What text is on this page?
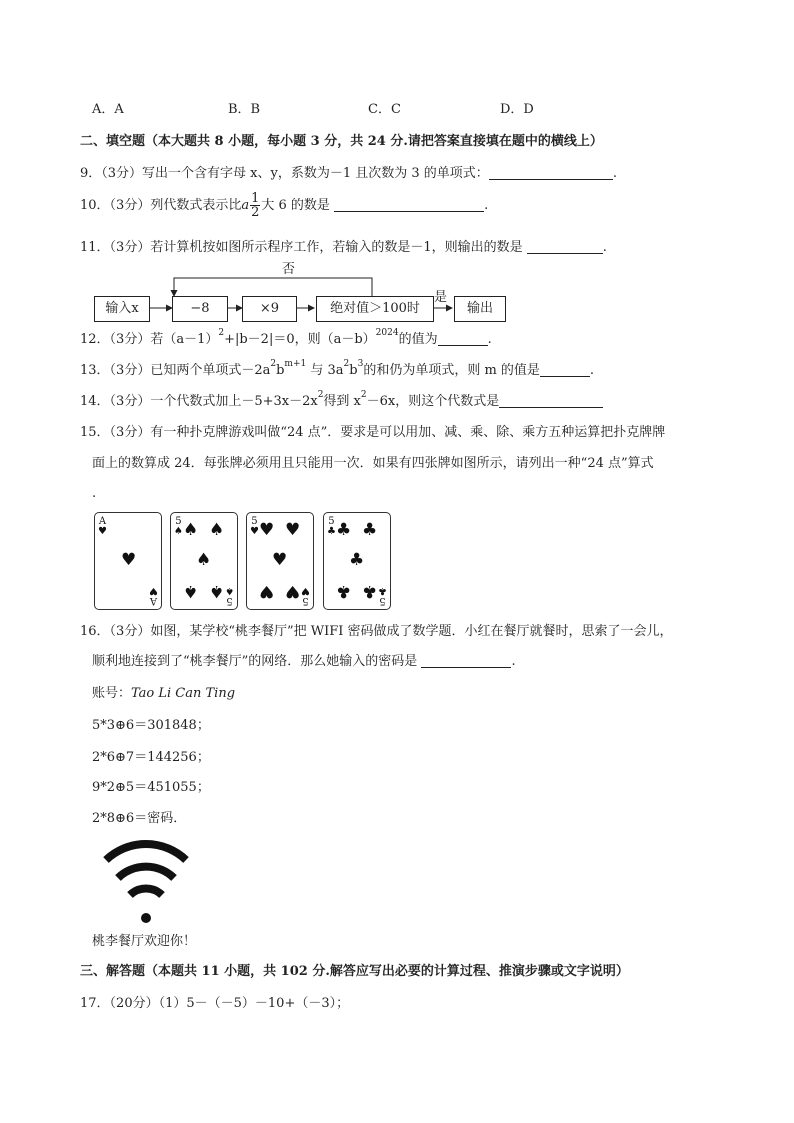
A．A	B．B	C．C	D．D
二、填空题（本大题共 8 小题，每小题 3 分，共 24 分.请把答案直接填在题中的横线上）
9．（3分）写出一个含有字母 x、y，系数为－1 且次数为 3 的单项式：	.
10．（3分）列代数式表示比a $\frac{1}{2}$ 大 6 的数是	.
11．（3分）若计算机按如图所示程序工作，若输入的数是－1，则输出的数是	.
否
是
输入x	−8	×9	绝对值＞100时	输出
12．（3分）若$(a-1)^2+|b-2|=0$，则$(a-b)^{2024}$的值为	.
13．（3分）已知两个单项式$-2a^2b^{m+1}$ 与 $3a^2b^3$的和仍为单项式，则 m 的值是	.
14．（3分）一个代数式加上$-5+3x-2x^2$得到 $x^2-6x$，则这个代数式是
15．（3分）有一种扑克牌游戏叫做“24 点”．要求是可以用加、减、乘、除、乘方五种运算把扑克牌牌
面上的数算成 24．每张牌必须用且只能用一次．如果有四张牌如图所示，请列出一种“24 点”算式
.
A
♥
♥
A
♥
5
♠ ♠ ♠
♠
♠ ♠ 5
♠
5
♥ ♥ ♥
♥
♥ ♥ 5
♥
5
♣ ♣ ♣
♣
♣ ♣ 5
♣
16．（3分）如图，某学校“桃李餐厅”把 WIFI 密码做成了数学题．小红在餐厅就餐时，思索了一会儿，
顺利地连接到了“桃李餐厅”的网络．那么她输入的密码是	.
账号：Tao Li Can Ting
5*3⊕6＝301848；
2*6⊕7＝144256；
9*2⊕5＝451055；
2*8⊕6＝密码．
桃李餐厅欢迎你！
三、解答题（本题共 11 小题，共 102 分.解答应写出必要的计算过程、推演步骤或文字说明）
17．（20分）（1）5－（－5）－10+（－3）；
